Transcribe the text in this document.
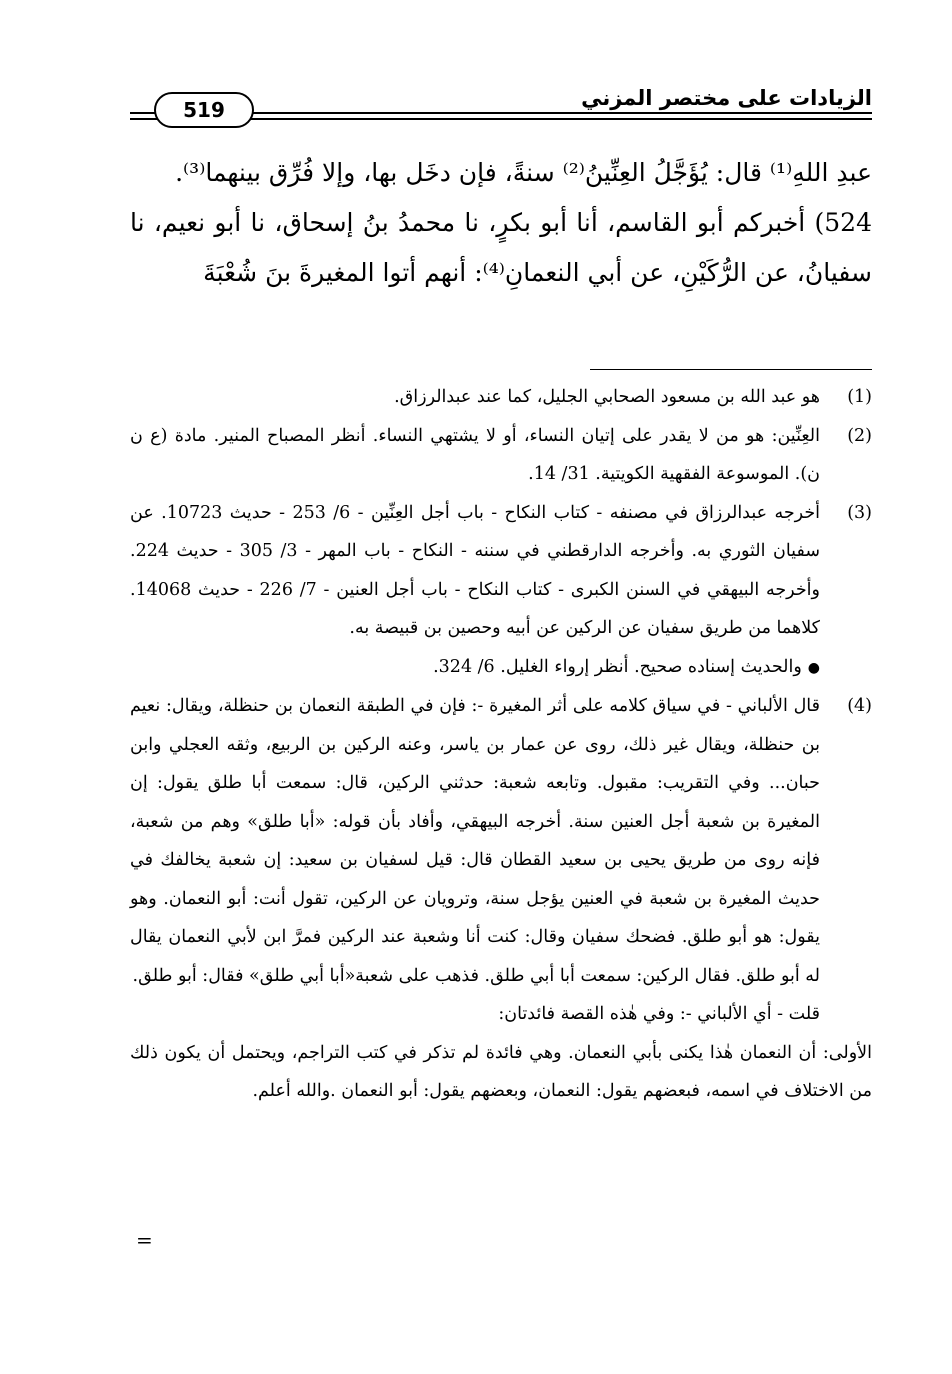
الزيادات على مختصر المزني
519

عبدِ اللهِ⁽¹⁾ قال: يُؤَجَّلُ العِنِّينُ⁽²⁾ سنةً، فإن دخَل بها، وإلا فُرِّق بينهما⁽³⁾.

524) أخبركم أبو القاسم، أنا أبو بكرٍ، نا محمدُ بنُ إسحاق، نا أبو نعيم، نا سفيانُ، عن الرُّكَيْنِ، عن أبي النعمانِ⁽⁴⁾: أنهم أتوا المغيرةَ بنَ شُعْبَةَ

(1)
هو عبد الله بن مسعود الصحابي الجليل، كما عند عبدالرزاق.
(2)
العِنِّين: هو من لا يقدر على إتيان النساء، أو لا يشتهي النساء. أنظر المصباح المنير. مادة (ع ن ن). الموسوعة الفقهية الكويتية. 31/ 14.
(3)
أخرجه عبدالرزاق في مصنفه - كتاب النكاح - باب أجل العِنِّين - 6/ 253 - حديث 10723. عن سفيان الثوري به. وأخرجه الدارقطني في سننه - النكاح - باب المهر - 3/ 305 - حديث 224. وأخرجه البيهقي في السنن الكبرى - كتاب النكاح - باب أجل العنين - 7/ 226 - حديث 14068. كلاهما من طريق سفيان عن الركين عن أبيه وحصين بن قبيصة به.
●والحديث إسناده صحيح. أنظر إرواء الغليل. 6/ 324.
(4)
قال الألباني - في سياق كلامه على أثر المغيرة -: فإن في الطبقة النعمان بن حنظلة، ويقال: نعيم بن حنظلة، ويقال غير ذلك، روى عن عمار بن ياسر، وعنه الركين بن الربيع، وثقه العجلي وابن حبان... وفي التقريب: مقبول. وتابعه شعبة: حدثني الركين، قال: سمعت أبا طلق يقول: إن المغيرة بن شعبة أجل العنين سنة. أخرجه البيهقي، وأفاد بأن قوله: «أبا طلق» وهم من شعبة، فإنه روى من طريق يحيى بن سعيد القطان قال: قيل لسفيان بن سعيد: إن شعبة يخالفك في حديث المغيرة بن شعبة في العنين يؤجل سنة، وترويان عن الركين، تقول أنت: أبو النعمان. وهو يقول: هو أبو طلق. فضحك سفيان وقال: كنت أنا وشعبة عند الركين فمرَّ ابن لأبي النعمان يقال له أبو طلق. فقال الركين: سمعت أبا أبي طلق. فذهب على شعبة«أبا أبي طلق» فقال: أبو طلق.
قلت - أي الألباني -: وفي هٰذه القصة فائدتان:
الأولى: أن النعمان هٰذا يكنى بأبي النعمان. وهي فائدة لم تذكر في كتب التراجم، ويحتمل أن يكون ذلك من الاختلاف في اسمه، فبعضهم يقول: النعمان، وبعضهم يقول: أبو النعمان .والله أعلم.
=
